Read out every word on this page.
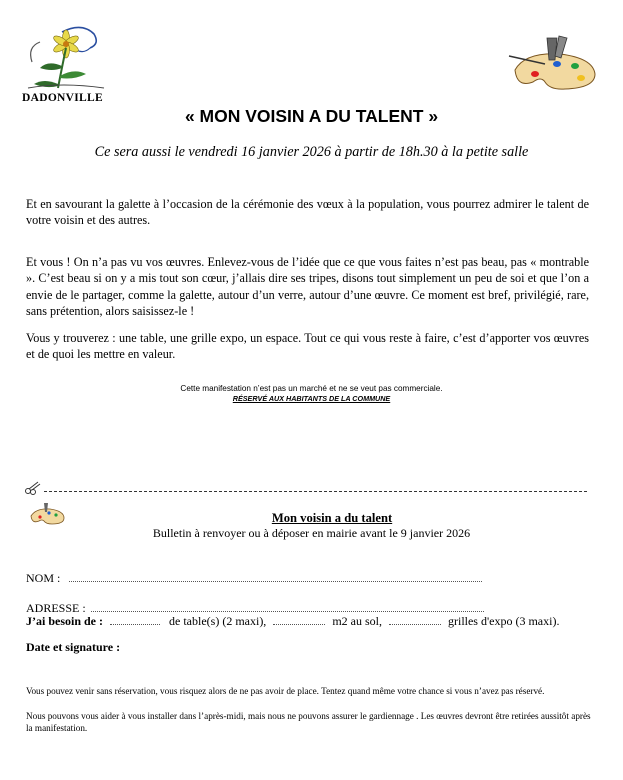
DADONVILLE
« MON VOISIN A DU TALENT »
Ce sera aussi le vendredi 16 janvier 2026 à partir de 18h.30 à la petite salle
Et en savourant la galette à l’occasion de la cérémonie des vœux à la population, vous pourrez admirer le talent de votre voisin et des autres.
Et vous ! On n’a pas vu vos œuvres. Enlevez-vous de l’idée que ce que vous faites n’est pas beau, pas « montrable ». C’est beau si on y a mis tout son cœur, j’allais dire ses tripes, disons tout simplement un peu de soi et que l’on a envie de le partager, comme la galette, autour d’un verre, autour d’une œuvre. Ce moment est bref, privilégié, rare, sans prétention, alors saisissez-le !
Vous y trouverez : une table, une grille expo, un espace. Tout ce qui vous reste à faire, c’est d’apporter vos œuvres et de quoi les mettre en valeur.
Cette manifestation n’est pas un marché et ne se veut pas commerciale.
RÉSERVÉ AUX HABITANTS DE LA COMMUNE
Mon voisin a du talent
Bulletin à renvoyer ou à déposer en mairie avant le 9 janvier 2026
NOM :
ADRESSE :
J’ai besoin de :	de table(s) (2 maxi),	m2 au sol,	grilles d'expo (3 maxi).
Date et signature :
Vous pouvez venir sans réservation, vous risquez alors de ne pas avoir de place. Tentez quand même votre chance si vous n’avez pas réservé.
Nous pouvons vous aider à vous installer dans l’après-midi, mais nous ne pouvons assurer le gardiennage . Les œuvres devront être retirées aussitôt après la manifestation.
